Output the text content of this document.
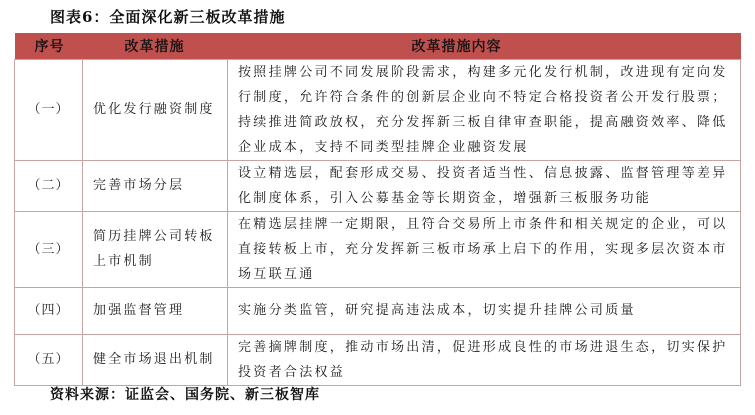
图表6：全面深化新三板改革措施
序号	改革措施	改革措施内容
（一）	优化发行融资制度	按照挂牌公司不同发展阶段需求，构建多元化发行机制，改进现有定向发行制度，允许符合条件的创新层企业向不特定合格投资者公开发行股票；持续推进简政放权，充分发挥新三板自律审查职能，提高融资效率、降低企业成本，支持不同类型挂牌企业融资发展
（二）	完善市场分层	设立精选层，配套形成交易、投资者适当性、信息披露、监督管理等差异化制度体系，引入公募基金等长期资金，增强新三板服务功能
（三）	简历挂牌公司转板上市机制	在精选层挂牌一定期限，且符合交易所上市条件和相关规定的企业，可以直接转板上市，充分发挥新三板市场承上启下的作用，实现多层次资本市场互联互通
（四）	加强监督管理	实施分类监管，研究提高违法成本，切实提升挂牌公司质量
（五）	健全市场退出机制	完善摘牌制度，推动市场出清，促进形成良性的市场进退生态，切实保护投资者合法权益
资料来源：证监会、国务院、新三板智库
